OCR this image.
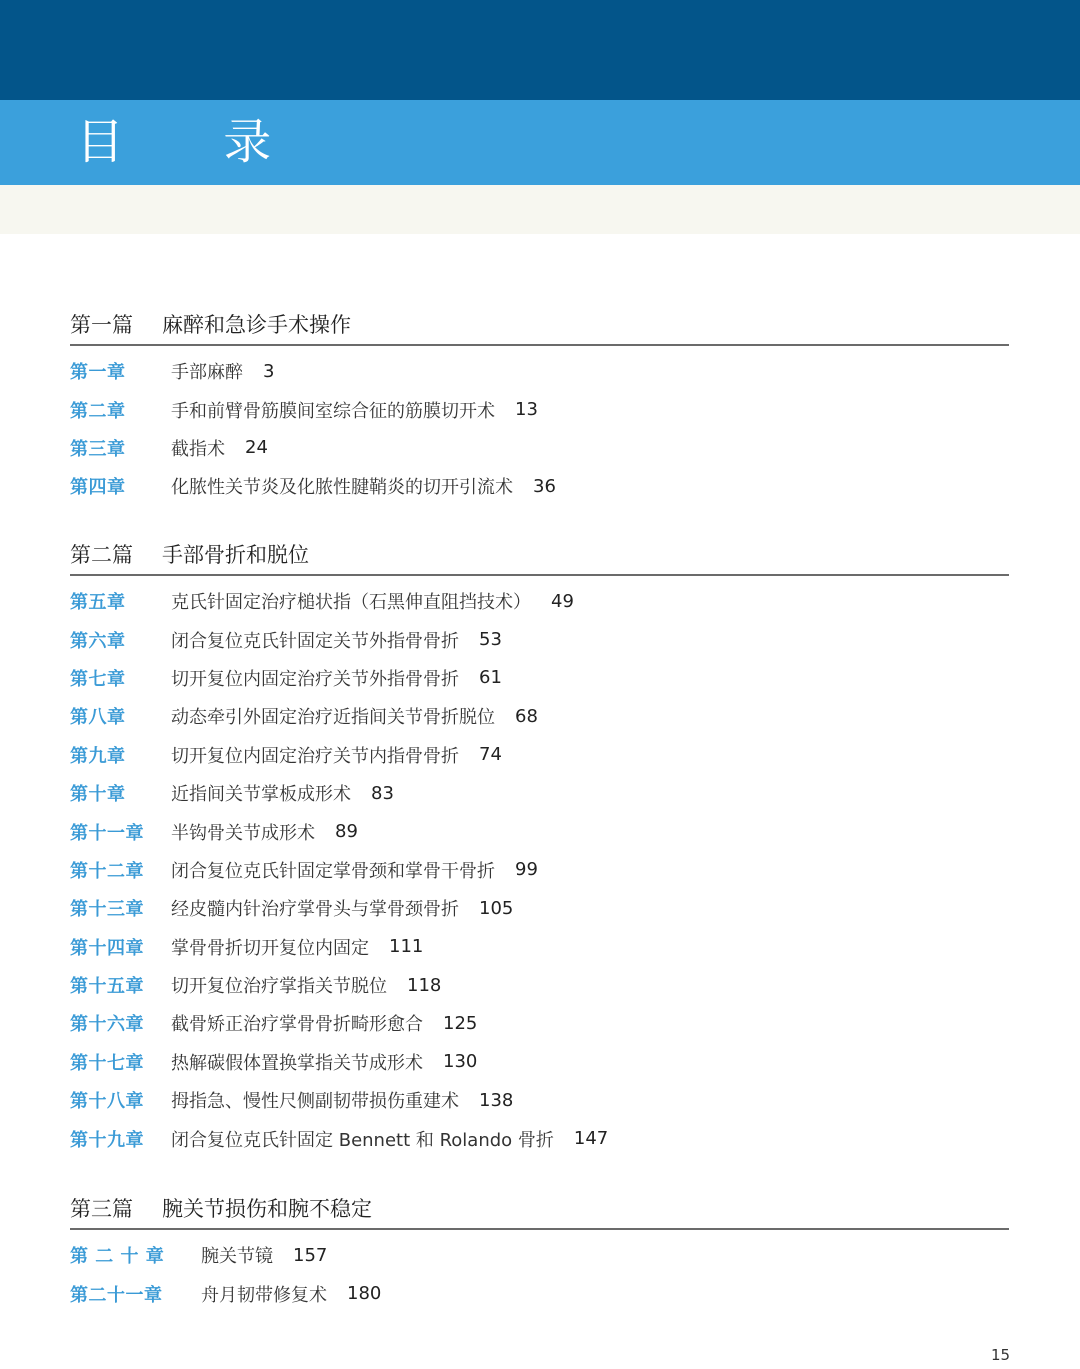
目 录
第一篇	麻醉和急诊手术操作
第一章	手部麻醉 3
第二章	手和前臂骨筋膜间室综合征的筋膜切开术 13
第三章	截指术 24
第四章	化脓性关节炎及化脓性腱鞘炎的切开引流术 36
第二篇	手部骨折和脱位
第五章	克氏针固定治疗槌状指（石黑伸直阻挡技术） 49
第六章	闭合复位克氏针固定关节外指骨骨折 53
第七章	切开复位内固定治疗关节外指骨骨折 61
第八章	动态牵引外固定治疗近指间关节骨折脱位 68
第九章	切开复位内固定治疗关节内指骨骨折 74
第十章	近指间关节掌板成形术 83
第十一章	半钩骨关节成形术 89
第十二章	闭合复位克氏针固定掌骨颈和掌骨干骨折 99
第十三章	经皮髓内针治疗掌骨头与掌骨颈骨折 105
第十四章	掌骨骨折切开复位内固定 111
第十五章	切开复位治疗掌指关节脱位 118
第十六章	截骨矫正治疗掌骨骨折畸形愈合 125
第十七章	热解碳假体置换掌指关节成形术 130
第十八章	拇指急、慢性尺侧副韧带损伤重建术 138
第十九章	闭合复位克氏针固定 Bennett 和 Rolando 骨折 147
第三篇	腕关节损伤和腕不稳定
第 二 十 章	腕关节镜 157
第二十一章	舟月韧带修复术 180
15
